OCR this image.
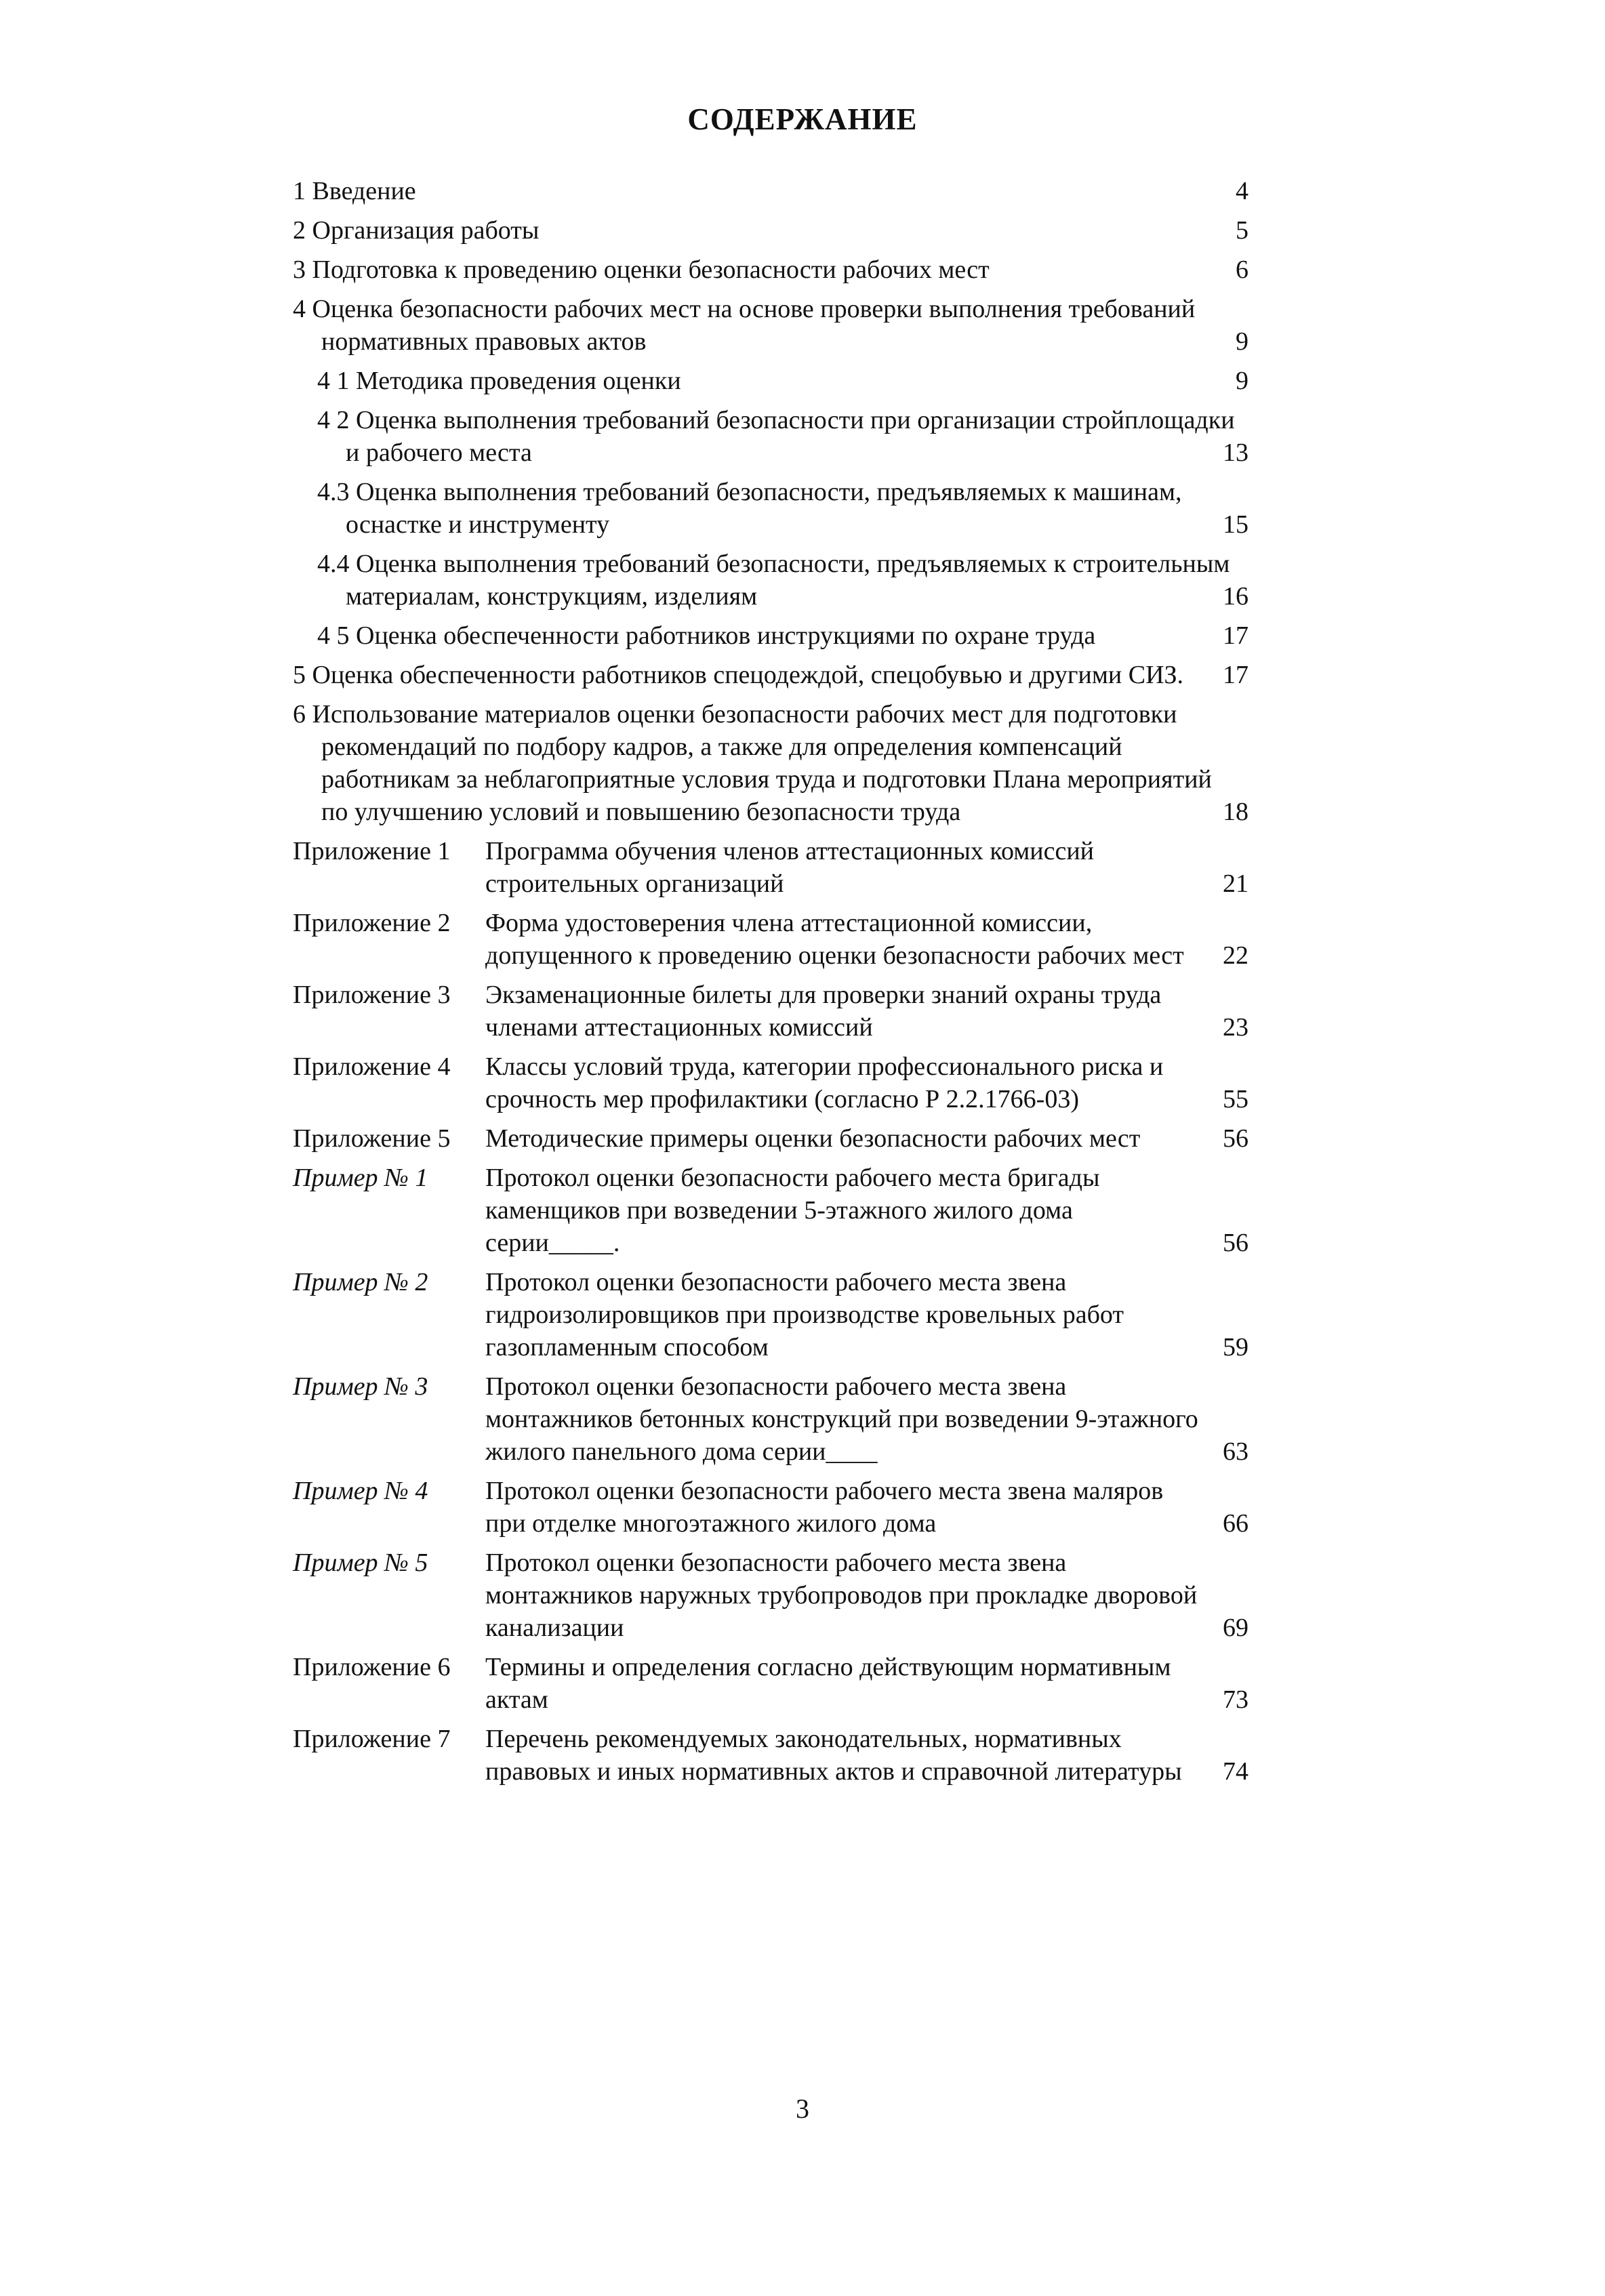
СОДЕРЖАНИЕ
1 Введение	4
2 Организация работы	5
3 Подготовка к проведению оценки безопасности рабочих мест	6
4 Оценка безопасности рабочих мест на основе проверки выполнения требований нормативных правовых актов	9
4 1 Методика проведения оценки	9
4 2 Оценка выполнения требований безопасности при организации стройплощадки и рабочего места	13
4.3 Оценка выполнения требований безопасности, предъявляемых к машинам, оснастке и инструменту	15
4.4 Оценка выполнения требований безопасности, предъявляемых к строительным материалам, конструкциям, изделиям	16
4 5 Оценка обеспеченности работников инструкциями по охране труда	17
5 Оценка обеспеченности работников спецодеждой, спецобувью и другими СИЗ.	17
6 Использование материалов оценки безопасности рабочих мест для подготовки рекомендаций по подбору кадров, а также для определения компенсаций работникам за неблагоприятные условия труда и подготовки Плана мероприятий по улучшению условий и повышению безопасности труда	18
Приложение 1	Программа обучения членов аттестационных комиссий строительных организаций	21
Приложение 2	Форма удостоверения члена аттестационной комиссии, допущенного к проведению оценки безопасности рабочих мест	22
Приложение 3	Экзаменационные билеты для проверки знаний охраны труда членами аттестационных комиссий	23
Приложение 4	Классы условий труда, категории профессионального риска и срочность мер профилактики (согласно Р 2.2.1766-03)	55
Приложение 5	Методические примеры оценки безопасности рабочих мест	56
Пример № 1	Протокол оценки безопасности рабочего места бригады каменщиков при возведении 5-этажного жилого дома серии_____.	56
Пример № 2	Протокол оценки безопасности рабочего места звена гидроизолировщиков при производстве кровельных работ газопламенным способом	59
Пример № 3	Протокол оценки безопасности рабочего места звена монтажников бетонных конструкций при возведении 9-этажного жилого панельного дома серии____	63
Пример № 4	Протокол оценки безопасности рабочего места звена маляров при отделке многоэтажного жилого дома	66
Пример № 5	Протокол оценки безопасности рабочего места звена монтажников наружных трубопроводов при прокладке дворовой канализации	69
Приложение 6	Термины и определения согласно действующим нормативным актам	73
Приложение 7	Перечень рекомендуемых законодательных, нормативных правовых и иных нормативных актов и справочной литературы	74
3
